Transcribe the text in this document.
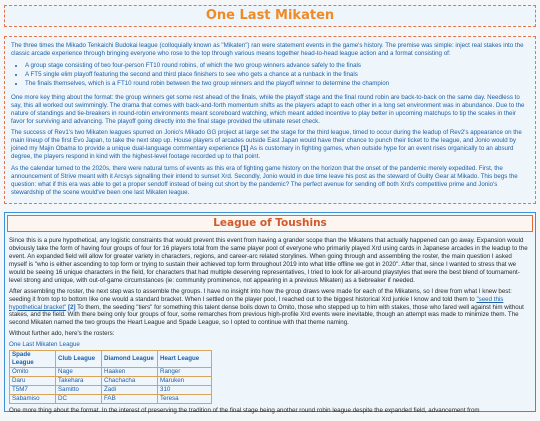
One Last Mikaten

The three times the Mikado Tenkaichi Budokai league (colloquially known as "Mikaten") ran were statement events in the game's history. The premise was simple: inject real stakes into the classic arcade experience through bringing everyone who rose to the top through various means together head-to-head league action and a format consisting of:

• A group stage consisting of two four-person FT10 round robins, of which the two group winners advance safely to the finals
• A FT5 single elim playoff featuring the second and third place finishers to see who gets a chance at a runback in the finals
• The finals themselves, which is a FT10 round robin between the two group winners and the playoff winner to determine the champion

One more key thing about the format: the group winners get some rest ahead of the finals, while the playoff stage and the final round robin are back-to-back on the same day. Needless to say, this all worked out swimmingly. The drama that comes with back-and-forth momentum shifts as the players adapt to each other in a long set environment was in abundance. Due to the nature of standings and tie-breakers in round-robin environments meant scoreboard watching, which meant added incentive to play better in upcoming matchups to tip the scales in their favor for surviving and advancing. The playoff going directly into the final stage provided the ultimate reset check.

The success of Rev1's two Mikaten leagues spurred on Jonio's Mikado GG project at large set the stage for the third league, timed to occur during the leadup of Rev2's appearance on the main lineup of the first Evo Japan, to take the next step up. House players of arcades outside East Japan would have their chance to punch their ticket to the league, and Jonio would by joined my Majin Obama to provide a unique dual-language commentary experience [1] As is customary in fighting games, when outside hype for an event rises organically to an absurd degree, the players respond in kind with the highest-level footage recorded up to that point.

As the calendar turned to the 2020s, there were natural turns of events as this era of fighting game history on the horizon that the onset of the pandemic merely expedited. First, the announcement of Strive meant with it Arcsys signalling their intend to sunset Xrd. Secondly, Jonio would in due time leave his post as the steward of Guilty Gear at Mikado. This begs the question: what if this era was able to get a proper sendoff instead of being cut short by the pandemic? The perfect avenue for sending off both Xrd's competitive prime and Jonio's stewardship of the scene would've been one last Mikaten league.

League of Toushins

Since this is a pure hypothetical, any logistic constraints that would prevent this event from having a grander scope than the Mikatens that actually happened can go away. Expansion would obviously take the form of having four groups of four for 16 players total from the same player pool of everyone who primarily played Xrd using cards in Japanese arcades in the leadup to the event. An expanded field will allow for greater variety in characters, regions, and career-arc related storylines. When going through and assembling the roster, the main question I asked myself is "who is either ascending to top form or trying to sustain their achieved top form throughout 2019 into what little offline we got in 2020". After that, since I wanted to stress that we would be seeing 16 unique characters in the field, for characters that had multiple deserving representatives, I tried to look for all-around playstyles that were the best blend of tournament-level strong and unique, with out-of-game circumstances (ie: community prominence, not appearing in a previous Mikaten) as a tiebreaker if needed.

After assembling the roster, the next step was to assemble the groups. I have no insight into how the group draws were made for each of the Mikatens, so I drew from what I knew best: seeding it from top to bottom like one would a standard bracket. When I settled on the player pool, I reached out to the biggest historical Xrd junkie I know and told them to "seed this hypothetical bracket" [2] To them, the seeding "tiers" for something this talent dense boils down to Omito, those who stepped up to him with stakes, those who fared well against him without stakes, and the field. With there being only four groups of four, some remarches from previous high-profile Xrd events were inevitable, though an attempt was made to minimize them. The second Mikaten named the two groups the Heart League and Spade League, so I opted to continue with that theme naming.

Without further ado, here's the rosters:

One Last Mikaten League
Spade League	Club League	Diamond League	Heart League
Omito	Nage	Haaken	Ranger
Daru	Takehara	Chachacha	Maruken
T5M7	Samitto	Zadi	310
Sabamiso	DC	FAB	Teresa

One more thing about the format. In the interest of preserving the tradition of the final stage being another round robin league despite the expanded field, advancement from
